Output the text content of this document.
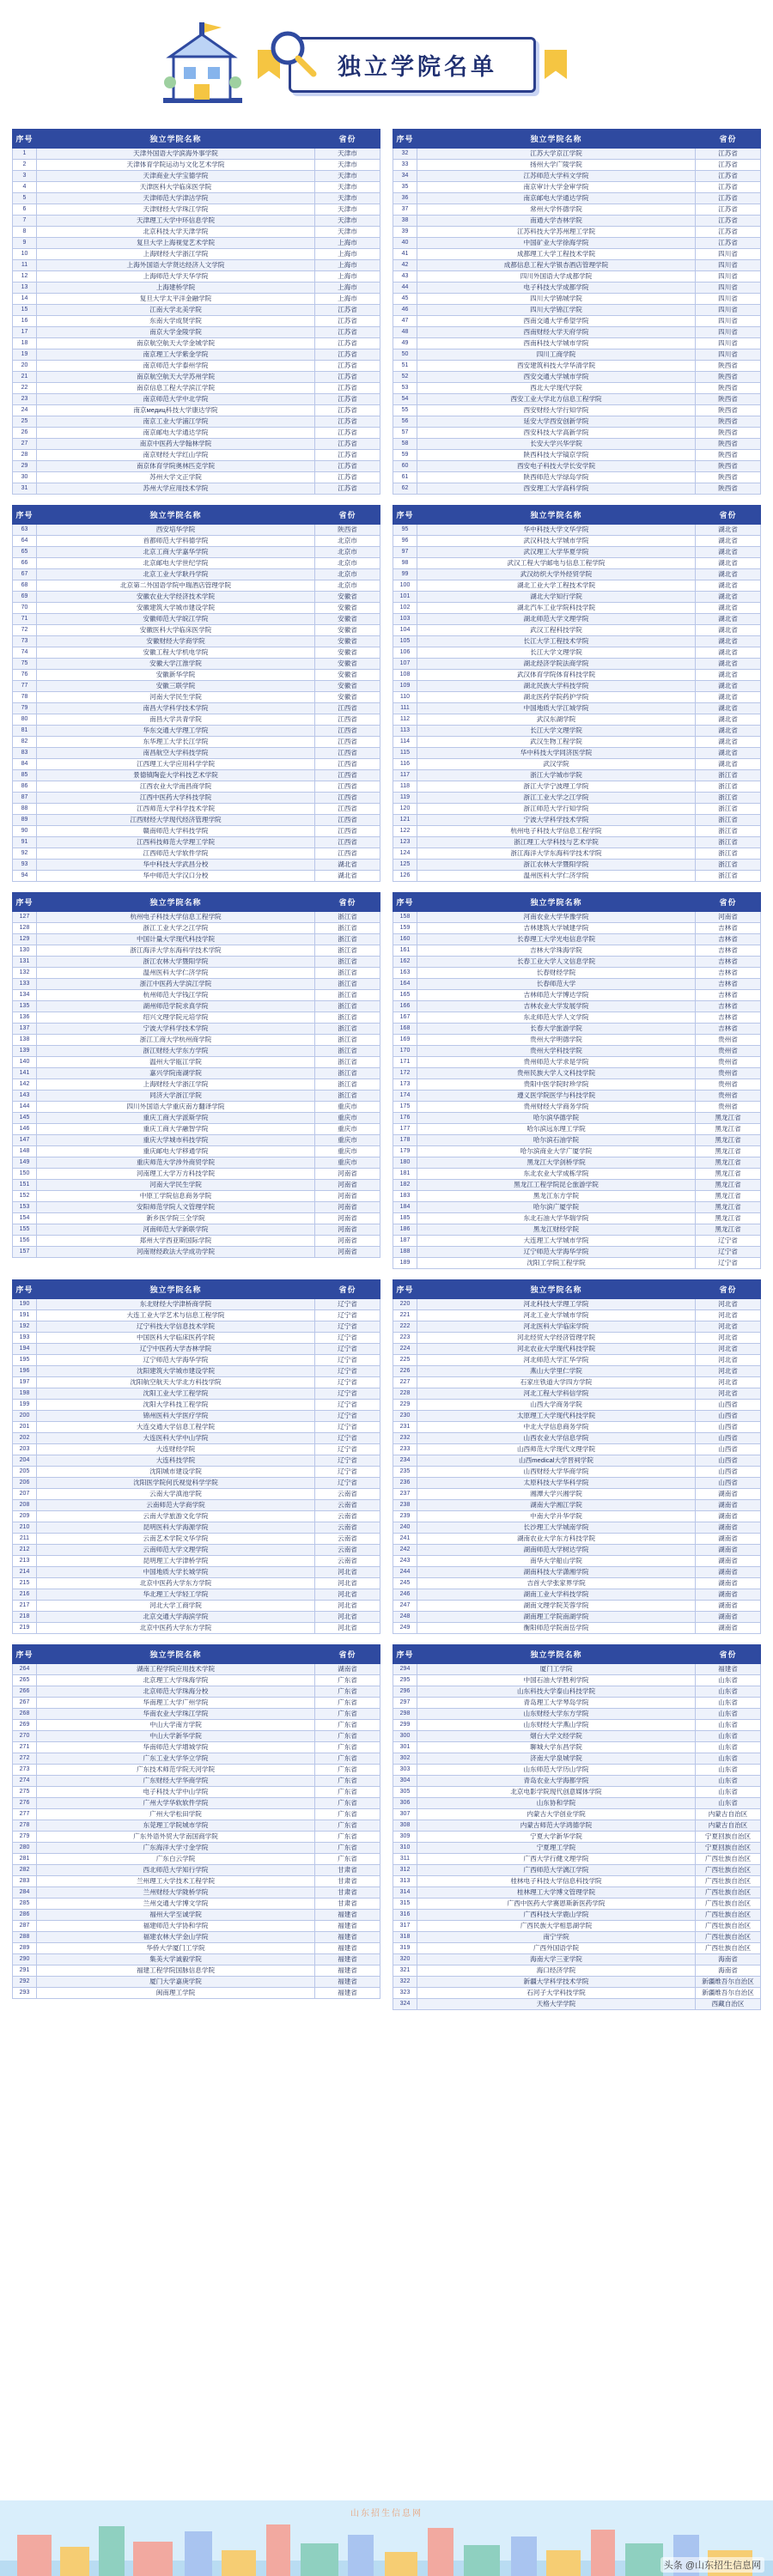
独立学院名单
序号	独立学院名称	省份
1	天津外国语大学滨海外事学院	天津市
2	天津体育学院运动与文化艺术学院	天津市
3	天津商业大学宝德学院	天津市
4	天津医科大学临床医学院	天津市
5	天津师范大学津沽学院	天津市
6	天津财经大学珠江学院	天津市
7	天津理工大学中环信息学院	天津市
8	北京科技大学天津学院	天津市
9	复旦大学上海视觉艺术学院	上海市
10	上海财经大学浙江学院	上海市
11	上海外国语大学贤达经济人文学院	上海市
12	上海师范大学天华学院	上海市
13	上海建桥学院	上海市
14	复旦大学太平洋金融学院	上海市
15	江南大学北美学院	江苏省
16	东南大学成贤学院	江苏省
17	南京大学金陵学院	江苏省
18	南京航空航天大学金城学院	江苏省
19	南京理工大学紫金学院	江苏省
20	南京师范大学泰州学院	江苏省
21	南京航空航天大学苏州学院	江苏省
22	南京信息工程大学滨江学院	江苏省
23	南京师范大学中北学院	江苏省
24	南京медиц科技大学康达学院	江苏省
25	南京工业大学浦江学院	江苏省
26	南京邮电大学通达学院	江苏省
27	南京中医药大学翰林学院	江苏省
28	南京财经大学红山学院	江苏省
29	南京体育学院奥林匹克学院	江苏省
30	苏州大学文正学院	江苏省
31	苏州大学应用技术学院	江苏省
序号	独立学院名称	省份
32	江苏大学京江学院	江苏省
33	扬州大学广陵学院	江苏省
34	江苏师范大学科文学院	江苏省
35	南京审计大学金审学院	江苏省
36	南京邮电大学通达学院	江苏省
37	常州大学怀德学院	江苏省
38	南通大学杏林学院	江苏省
39	江苏科技大学苏州理工学院	江苏省
40	中国矿业大学徐海学院	江苏省
41	成都理工大学工程技术学院	四川省
42	成都信息工程大学银杏酒店管理学院	四川省
43	四川外国语大学成都学院	四川省
44	电子科技大学成都学院	四川省
45	四川大学锦城学院	四川省
46	四川大学锦江学院	四川省
47	西南交通大学希望学院	四川省
48	西南财经大学天府学院	四川省
49	西南科技大学城市学院	四川省
50	四川工商学院	四川省
51	西安建筑科技大学华清学院	陕西省
52	西安交通大学城市学院	陕西省
53	西北大学现代学院	陕西省
54	西安工业大学北方信息工程学院	陕西省
55	西安财经大学行知学院	陕西省
56	延安大学西安创新学院	陕西省
57	西安科技大学高新学院	陕西省
58	长安大学兴华学院	陕西省
59	陕西科技大学镐京学院	陕西省
60	西安电子科技大学长安学院	陕西省
61	陕西师范大学绿岛学院	陕西省
62	西安理工大学高科学院	陕西省
序号	独立学院名称	省份
63	西安培华学院	陕西省
64	首都师范大学科德学院	北京市
65	北京工商大学嘉华学院	北京市
66	北京邮电大学世纪学院	北京市
67	北京工业大学耿丹学院	北京市
68	北京第二外国语学院中瑞酒店管理学院	北京市
69	安徽农业大学经济技术学院	安徽省
70	安徽建筑大学城市建设学院	安徽省
71	安徽师范大学皖江学院	安徽省
72	安徽医科大学临床医学院	安徽省
73	安徽财经大学商学院	安徽省
74	安徽工程大学机电学院	安徽省
75	安徽大学江淮学院	安徽省
76	安徽新华学院	安徽省
77	安徽三联学院	安徽省
78	河南大学民生学院	安徽省
79	南昌大学科学技术学院	江西省
80	南昌大学共青学院	江西省
81	华东交通大学理工学院	江西省
82	东华理工大学长江学院	江西省
83	南昌航空大学科技学院	江西省
84	江西理工大学应用科学学院	江西省
85	景德镇陶瓷大学科技艺术学院	江西省
86	江西农业大学南昌商学院	江西省
87	江西中医药大学科技学院	江西省
88	江西师范大学科学技术学院	江西省
89	江西财经大学现代经济管理学院	江西省
90	赣南师范大学科技学院	江西省
91	江西科技师范大学理工学院	江西省
92	江西师范大学软件学院	江西省
93	华中科技大学武昌分校	湖北省
94	华中师范大学汉口分校	湖北省
序号	独立学院名称	省份
95	华中科技大学文华学院	湖北省
96	武汉科技大学城市学院	湖北省
97	武汉理工大学华夏学院	湖北省
98	武汉工程大学邮电与信息工程学院	湖北省
99	武汉纺织大学外经贸学院	湖北省
100	湖北工业大学工程技术学院	湖北省
101	湖北大学知行学院	湖北省
102	湖北汽车工业学院科技学院	湖北省
103	湖北师范大学文理学院	湖北省
104	武汉工程科技学院	湖北省
105	长江大学工程技术学院	湖北省
106	长江大学文理学院	湖北省
107	湖北经济学院法商学院	湖北省
108	武汉体育学院体育科技学院	湖北省
109	湖北民族大学科技学院	湖北省
110	湖北医药学院药护学院	湖北省
111	中国地质大学江城学院	湖北省
112	武汉东湖学院	湖北省
113	长江大学文理学院	湖北省
114	武汉生物工程学院	湖北省
115	华中科技大学同济医学院	湖北省
116	武汉学院	湖北省
117	浙江大学城市学院	浙江省
118	浙江大学宁波理工学院	浙江省
119	浙江工业大学之江学院	浙江省
120	浙江师范大学行知学院	浙江省
121	宁波大学科学技术学院	浙江省
122	杭州电子科技大学信息工程学院	浙江省
123	浙江理工大学科技与艺术学院	浙江省
124	浙江海洋大学东海科学技术学院	浙江省
125	浙江农林大学暨阳学院	浙江省
126	温州医科大学仁济学院	浙江省
序号	独立学院名称	省份
127	杭州电子科技大学信息工程学院	浙江省
128	浙江工业大学之江学院	浙江省
129	中国计量大学现代科技学院	浙江省
130	浙江海洋大学东海科学技术学院	浙江省
131	浙江农林大学暨阳学院	浙江省
132	温州医科大学仁济学院	浙江省
133	浙江中医药大学滨江学院	浙江省
134	杭州师范大学钱江学院	浙江省
135	湖州师范学院求真学院	浙江省
136	绍兴文理学院元培学院	浙江省
137	宁波大学科学技术学院	浙江省
138	浙江工商大学杭州商学院	浙江省
139	浙江财经大学东方学院	浙江省
140	温州大学瓯江学院	浙江省
141	嘉兴学院南湖学院	浙江省
142	上海财经大学浙江学院	浙江省
143	同济大学浙江学院	浙江省
144	四川外国语大学重庆南方翻译学院	重庆市
145	重庆工商大学派斯学院	重庆市
146	重庆工商大学融智学院	重庆市
147	重庆大学城市科技学院	重庆市
148	重庆邮电大学移通学院	重庆市
149	重庆师范大学涉外商贸学院	重庆市
150	河南理工大学万方科技学院	河南省
151	河南大学民生学院	河南省
152	中原工学院信息商务学院	河南省
153	安阳师范学院人文管理学院	河南省
154	新乡医学院三全学院	河南省
155	河南师范大学新联学院	河南省
156	郑州大学西亚斯国际学院	河南省
157	河南财经政法大学成功学院	河南省
序号	独立学院名称	省份
158	河南农业大学华豫学院	河南省
159	吉林建筑大学城建学院	吉林省
160	长春理工大学光电信息学院	吉林省
161	吉林大学珠海学院	吉林省
162	长春工业大学人文信息学院	吉林省
163	长春财经学院	吉林省
164	长春师范大学	吉林省
165	吉林师范大学博达学院	吉林省
166	吉林农业大学发展学院	吉林省
167	东北师范大学人文学院	吉林省
168	长春大学旅游学院	吉林省
169	贵州大学明德学院	贵州省
170	贵州大学科技学院	贵州省
171	贵州师范大学求是学院	贵州省
172	贵州民族大学人文科技学院	贵州省
173	贵阳中医学院时珍学院	贵州省
174	遵义医学院医学与科技学院	贵州省
175	贵州财经大学商务学院	贵州省
176	哈尔滨华德学院	黑龙江省
177	哈尔滨远东理工学院	黑龙江省
178	哈尔滨石油学院	黑龙江省
179	哈尔滨商业大学广厦学院	黑龙江省
180	黑龙江大学剑桥学院	黑龙江省
181	东北农业大学成栋学院	黑龙江省
182	黑龙江工程学院昆仑旅游学院	黑龙江省
183	黑龙江东方学院	黑龙江省
184	哈尔滨广厦学院	黑龙江省
185	东北石油大学华瑞学院	黑龙江省
186	黑龙江财经学院	黑龙江省
187	大连理工大学城市学院	辽宁省
188	辽宁师范大学海华学院	辽宁省
189	沈阳工学院工程学院	辽宁省
序号	独立学院名称	省份
190	东北财经大学津桥商学院	辽宁省
191	大连工业大学艺术与信息工程学院	辽宁省
192	辽宁科技大学信息技术学院	辽宁省
193	中国医科大学临床医药学院	辽宁省
194	辽宁中医药大学杏林学院	辽宁省
195	辽宁师范大学海华学院	辽宁省
196	沈阳建筑大学城市建设学院	辽宁省
197	沈阳航空航天大学北方科技学院	辽宁省
198	沈阳工业大学工程学院	辽宁省
199	沈阳大学科技工程学院	辽宁省
200	锦州医科大学医疗学院	辽宁省
201	大连交通大学信息工程学院	辽宁省
202	大连医科大学中山学院	辽宁省
203	大连财经学院	辽宁省
204	大连科技学院	辽宁省
205	沈阳城市建设学院	辽宁省
206	沈阳医学院何氏视觉科学学院	辽宁省
207	云南大学滇池学院	云南省
208	云南师范大学商学院	云南省
209	云南大学旅游文化学院	云南省
210	昆明医科大学海源学院	云南省
211	云南艺术学院文华学院	云南省
212	云南师范大学文理学院	云南省
213	昆明理工大学津桥学院	云南省
214	中国地质大学长城学院	河北省
215	北京中医药大学东方学院	河北省
216	华北理工大学轻工学院	河北省
217	河北大学工商学院	河北省
218	北京交通大学海滨学院	河北省
219	北京中医药大学东方学院	河北省
序号	独立学院名称	省份
220	河北科技大学理工学院	河北省
221	河北工业大学城市学院	河北省
222	河北医科大学临床学院	河北省
223	河北经贸大学经济管理学院	河北省
224	河北农业大学现代科技学院	河北省
225	河北师范大学汇华学院	河北省
226	燕山大学里仁学院	河北省
227	石家庄铁道大学四方学院	河北省
228	河北工程大学科信学院	河北省
229	山西大学商务学院	山西省
230	太原理工大学现代科技学院	山西省
231	中北大学信息商务学院	山西省
232	山西农业大学信息学院	山西省
233	山西师范大学现代文理学院	山西省
234	山西medical大学晋祠学院	山西省
235	山西财经大学华商学院	山西省
236	太原科技大学华科学院	山西省
237	湘潭大学兴湘学院	湖南省
238	湖南大学湘江学院	湖南省
239	中南大学升华学院	湖南省
240	长沙理工大学城南学院	湖南省
241	湖南农业大学东方科技学院	湖南省
242	湖南师范大学树达学院	湖南省
243	南华大学船山学院	湖南省
244	湖南科技大学潇湘学院	湖南省
245	吉首大学张家界学院	湖南省
246	湖南工业大学科技学院	湖南省
247	湖南文理学院芙蓉学院	湖南省
248	湖南理工学院南湖学院	湖南省
249	衡阳师范学院南岳学院	湖南省
序号	独立学院名称	省份
264	湖南工程学院应用技术学院	湖南省
265	北京理工大学珠海学院	广东省
266	北京师范大学珠海分校	广东省
267	华南理工大学广州学院	广东省
268	华南农业大学珠江学院	广东省
269	中山大学南方学院	广东省
270	中山大学新华学院	广东省
271	华南师范大学增城学院	广东省
272	广东工业大学华立学院	广东省
273	广东技术师范学院天河学院	广东省
274	广东财经大学华商学院	广东省
275	电子科技大学中山学院	广东省
276	广州大学华软软件学院	广东省
277	广州大学松田学院	广东省
278	东莞理工学院城市学院	广东省
279	广东外语外贸大学南国商学院	广东省
280	广东海洋大学寸金学院	广东省
281	广东白云学院	广东省
282	西北师范大学知行学院	甘肃省
283	兰州理工大学技术工程学院	甘肃省
284	兰州财经大学陇桥学院	甘肃省
285	兰州交通大学博文学院	甘肃省
286	福州大学至诚学院	福建省
287	福建师范大学协和学院	福建省
288	福建农林大学金山学院	福建省
289	华侨大学厦门工学院	福建省
290	集美大学诚毅学院	福建省
291	福建工程学院国脉信息学院	福建省
292	厦门大学嘉庚学院	福建省
293	闽南理工学院	福建省
序号	独立学院名称	省份
294	厦门工学院	福建省
295	中国石油大学胜利学院	山东省
296	山东科技大学泰山科技学院	山东省
297	青岛理工大学琴岛学院	山东省
298	山东财经大学东方学院	山东省
299	山东财经大学燕山学院	山东省
300	烟台大学文经学院	山东省
301	聊城大学东昌学院	山东省
302	济南大学泉城学院	山东省
303	山东师范大学历山学院	山东省
304	青岛农业大学海都学院	山东省
305	北京电影学院现代创意媒体学院	山东省
306	山东协和学院	山东省
307	内蒙古大学创业学院	内蒙古自治区
308	内蒙古师范大学鸿德学院	内蒙古自治区
309	宁夏大学新华学院	宁夏回族自治区
310	宁夏理工学院	宁夏回族自治区
311	广西大学行健文理学院	广西壮族自治区
312	广西师范大学漓江学院	广西壮族自治区
313	桂林电子科技大学信息科技学院	广西壮族自治区
314	桂林理工大学博文管理学院	广西壮族自治区
315	广西中医药大学赛恩斯新医药学院	广西壮族自治区
316	广西科技大学鹿山学院	广西壮族自治区
317	广西民族大学相思湖学院	广西壮族自治区
318	南宁学院	广西壮族自治区
319	广西外国语学院	广西壮族自治区
320	海南大学三亚学院	海南省
321	海口经济学院	海南省
322	新疆大学科学技术学院	新疆维吾尔自治区
323	石河子大学科技学院	新疆维吾尔自治区
324	天格大学学院	西藏自治区
山东招生信息网
头条 @山东招生信息网
